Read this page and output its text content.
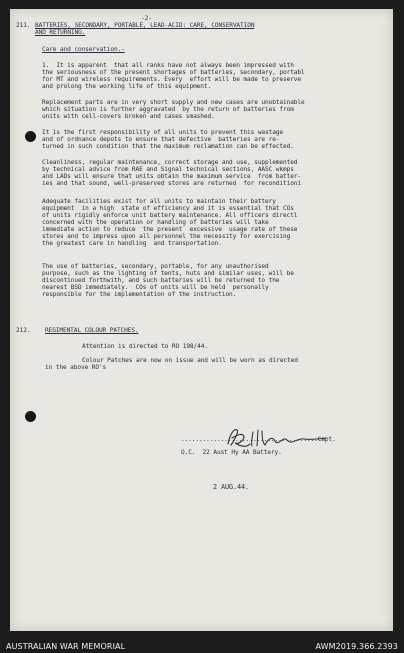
-2-

211. BATTERIES, SECONDARY, PORTABLE, LEAD-ACID: CARE, CONSERVATION

AND RETURNING.

Care and conservation.-

1.  It is apparent  that all ranks have not always been impressed with

the seriousness of the present shortages of batteries, secondary, portabl

for MT and wireless requirements. Every  effort will be made to preserve

and prolong the working life of this equipment.

Replacement parts are in very short supply and new cases are unobtainable

which situation is further aggravated  by the return of batteries from

units with cell-covers broken and cases smashed.

It is the first responsibility of all units to prevent this wastage

and of ordnance depots to ensure that defective  batteries are re-

turned in such condition that the maximum reclamation can be effected.

Cleanliness, regular maintenance, correct storage and use, supplemented

by technical advice from RAE and Signal technical sections, AASC wkmps

and LADs will ensure that units obtain the maximum service  from batter-

ies and that sound, well-preserved stores are returned  for reconditioni

Adequate facilities exist for all units to maintain their battery

equipment  in a high  state of efficiency and it is essential that COs

of units rigidly enforce unit battery maintenance. All officers directl

concerned with the operation or handling of batteries will take

immediate action to reduce  the present  excessive  usage rate of these

stores and to impress upon all personnel the necessity for exercising

the greatest care in handling  and transportation.

The use of batteries, secondary, portable, for any unauthorised

purpose, such as the lighting of tents, huts and similar uses, will be

discontinued forthwith, and such batteries will be returned to the

nearest BSD immediately.  COs of units will be held  personally

responsible for the implementation of the instruction.

212. REGIMENTAL COLOUR PATCHES.

Attention is directed to RO 198/44.

Colour Patches are now on issue and will be worn as directed

in the above RO's

......................................Capt.

O.C.  22 Aust Hy AA Battery.

2 AUG.44.

AUSTRALIAN WAR MEMORIAL	AWM2019.366.2393
